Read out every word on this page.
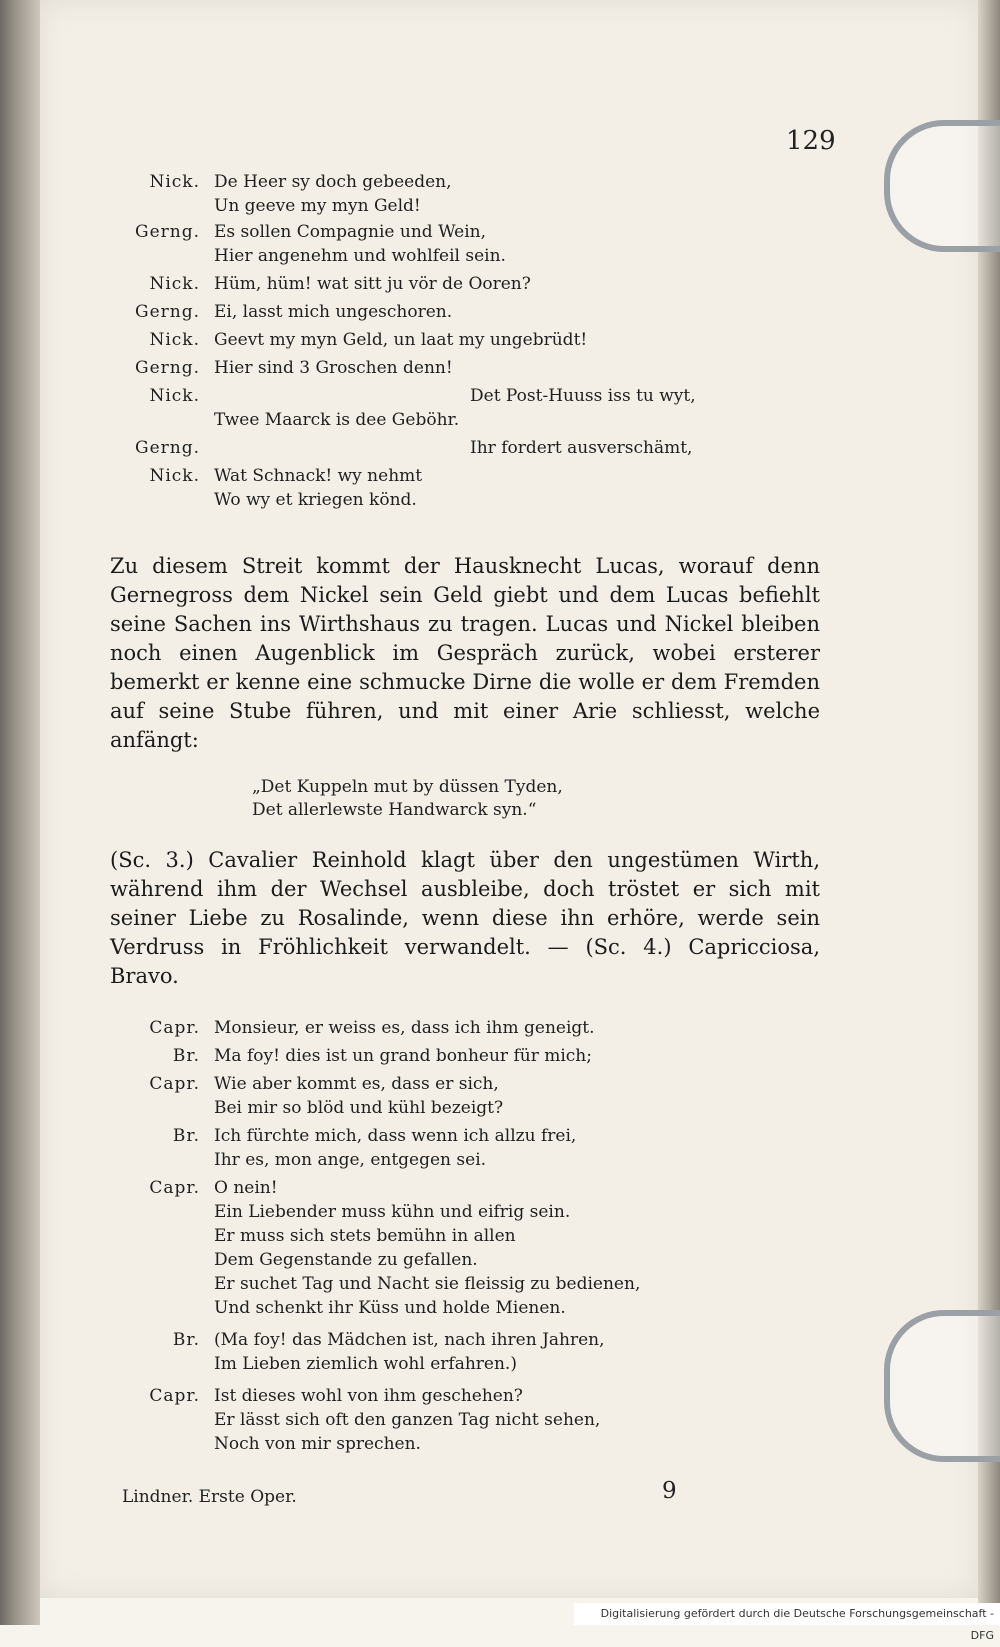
129
Nick. De Heer sy doch gebeeden,
Un geeve my myn Geld!
Gerng. Es sollen Compagnie und Wein,
Hier angenehm und wohlfeil sein.
Nick. Hüm, hüm! wat sitt ju vör de Ooren?
Gerng. Ei, lasst mich ungeschoren.
Nick. Geevt my myn Geld, un laat my ungebrüdt!
Gerng. Hier sind 3 Groschen denn!
Nick.

Twee Maarck is dee Geböhr.
Det Post-Huuss iss tu wyt,
Gerng.	Ihr fordert ausverschämt,
Nick. Wat Schnack! wy nehmt
Wo wy et kriegen könd.
Zu diesem Streit kommt der Hausknecht Lucas, worauf denn Gernegross dem Nickel sein Geld giebt und dem Lucas befiehlt seine Sachen ins Wirthshaus zu tragen. Lucas und Nickel bleiben noch einen Augenblick im Gespräch zurück, wobei ersterer bemerkt er kenne eine schmucke Dirne die wolle er dem Fremden auf seine Stube führen, und mit einer Arie schliesst, welche anfängt:
„Det Kuppeln mut by düssen Tyden,
Det allerlewste Handwarck syn.“
(Sc. 3.) Cavalier Reinhold klagt über den ungestümen Wirth, während ihm der Wechsel ausbleibe, doch tröstet er sich mit seiner Liebe zu Rosalinde, wenn diese ihn erhöre, werde sein Verdruss in Fröhlichkeit verwandelt. — (Sc. 4.) Capricciosa, Bravo.
Capr. Monsieur, er weiss es, dass ich ihm geneigt.
Br. Ma foy! dies ist un grand bonheur für mich;
Capr. Wie aber kommt es, dass er sich,
Bei mir so blöd und kühl bezeigt?
Br. Ich fürchte mich, dass wenn ich allzu frei,
Ihr es, mon ange, entgegen sei.
Capr. O nein!
Ein Liebender muss kühn und eifrig sein.
Er muss sich stets bemühn in allen
Dem Gegenstande zu gefallen.
Er suchet Tag und Nacht sie fleissig zu bedienen,
Und schenkt ihr Küss und holde Mienen.
Br. (Ma foy! das Mädchen ist, nach ihren Jahren,
Im Lieben ziemlich wohl erfahren.)
Capr. Ist dieses wohl von ihm geschehen?
Er lässt sich oft den ganzen Tag nicht sehen,
Noch von mir sprechen.
Lindner. Erste Oper.	9
Digitalisierung gefördert durch die Deutsche Forschungsgemeinschaft - DFG
